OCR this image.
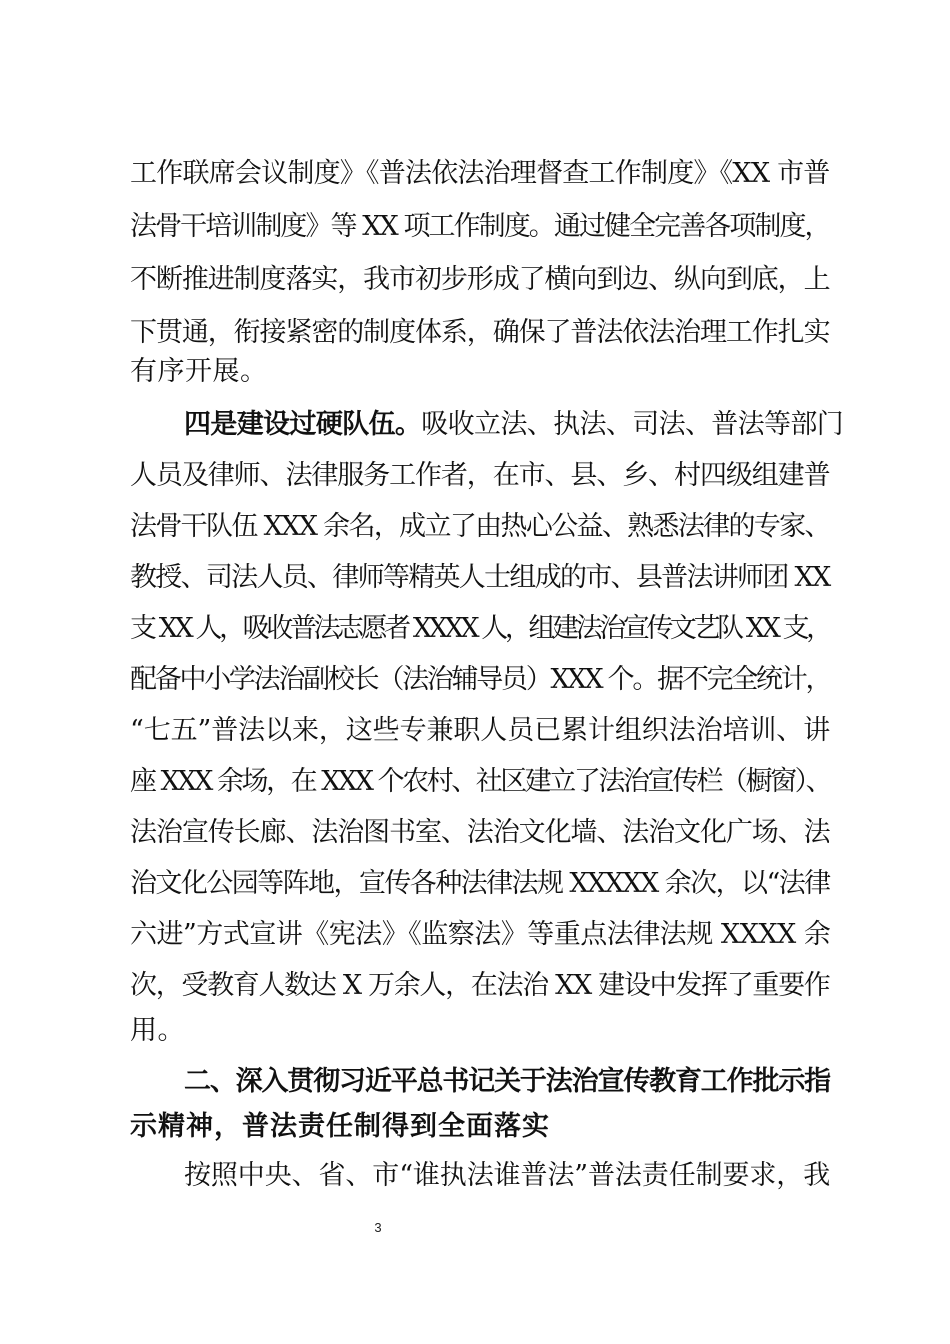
工作联席会议制度》《普法依法治理督查工作制度》《XX 市普
法骨干培训制度》等 XX 项工作制度。通过健全完善各项制度，
不断推进制度落实，我市初步形成了横向到边、纵向到底，上
下贯通，衔接紧密的制度体系，确保了普法依法治理工作扎实
有序开展。
四是建设过硬队伍。吸收立法、执法、司法、普法等部门
人员及律师、法律服务工作者，在市、县、乡、村四级组建普
法骨干队伍 XXX 余名，成立了由热心公益、熟悉法律的专家、
教授、司法人员、律师等精英人士组成的市、县普法讲师团 XX
支 XX 人，吸收普法志愿者 XXXX 人，组建法治宣传文艺队 XX 支，
配备中小学法治副校长（法治辅导员）XXX 个。据不完全统计，
“七五”普法以来，这些专兼职人员已累计组织法治培训、讲
座 XXX 余场，在 XXX 个农村、社区建立了法治宣传栏（橱窗）、
法治宣传长廊、法治图书室、法治文化墙、法治文化广场、法
治文化公园等阵地，宣传各种法律法规 XXXXX 余次，以“法律
六进”方式宣讲《宪法》《监察法》等重点法律法规 XXXX 余
次，受教育人数达 X 万余人，在法治 XX 建设中发挥了重要作
用。
二、深入贯彻习近平总书记关于法治宣传教育工作批示指
示精神，普法责任制得到全面落实
按照中央、省、市“谁执法谁普法”普法责任制要求，我
3
